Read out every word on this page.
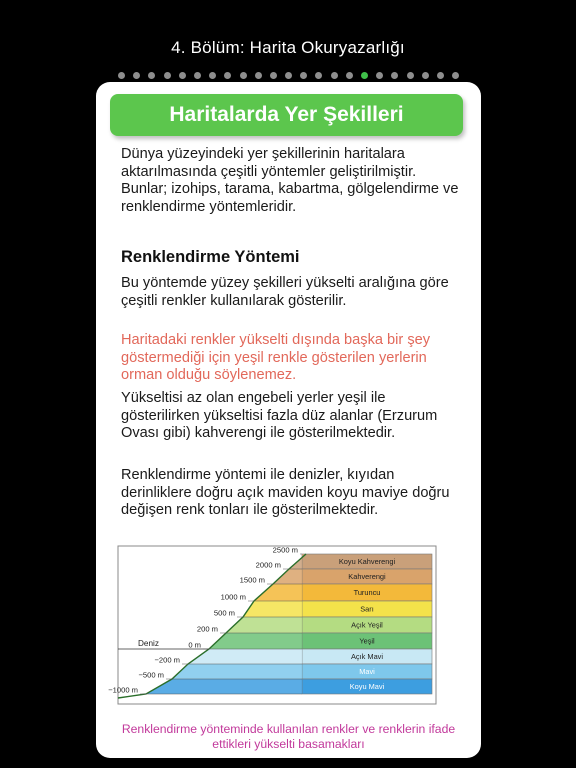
4. Bölüm: Harita Okuryazarlığı
Haritalarda Yer Şekilleri
Dünya yüzeyindeki yer şekillerinin haritalara aktarılmasında çeşitli yöntemler geliştirilmiştir. Bunlar; izohips, tarama, kabartma, gölgelendirme ve renklendirme yöntemleridir.
Renklendirme Yöntemi
Bu yöntemde yüzey şekilleri yükselti aralığına göre çeşitli renkler kullanılarak gösterilir.
Haritadaki renkler yükselti dışında başka bir şey göstermediği için yeşil renkle gösterilen yerlerin orman olduğu söylenemez.
Yükseltisi az olan engebeli yerler yeşil ile gösterilirken yükseltisi fazla düz alanlar (Erzurum Ovası gibi) kahverengi ile gösterilmektedir.
Renklendirme yöntemi ile denizler, kıyıdan derinliklere doğru açık maviden koyu maviye doğru değişen renk tonları ile gösterilmektedir.
2500 m
Koyu Kahverengi
2000 m
Kahverengi
1500 m
Turuncu
1000 m
Sarı
500 m
Açık Yeşil
200 m
Yeşil
0 m
Açık Mavi
−200 m
Mavi
−500 m
Koyu Mavi
−1000 m
Deniz
Renklendirme yönteminde kullanılan renkler ve renklerin ifade ettikleri yükselti basamakları
